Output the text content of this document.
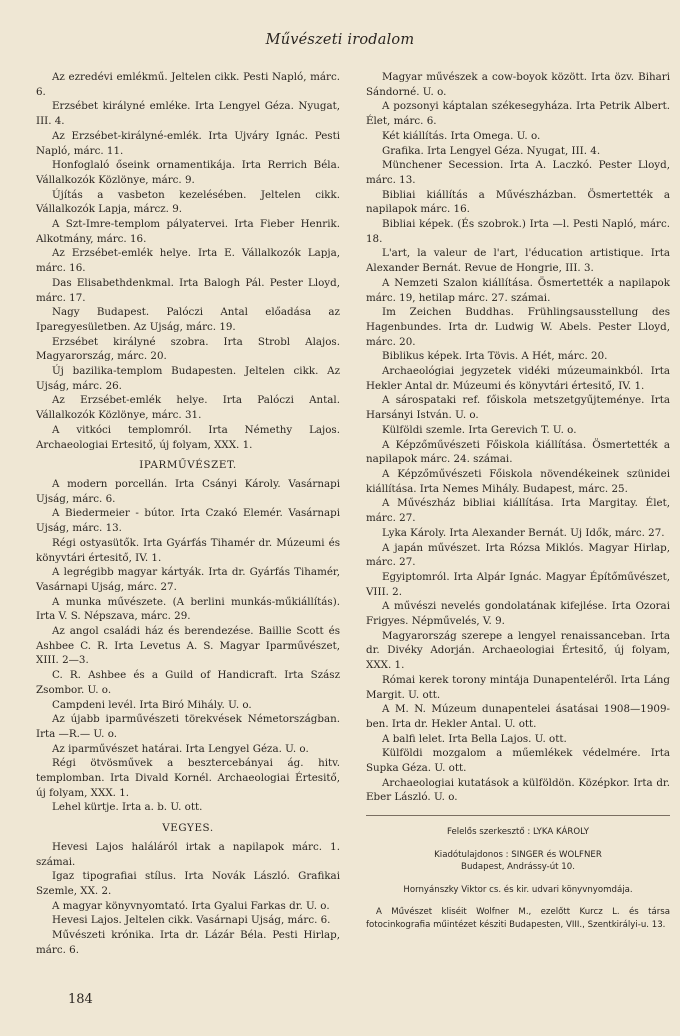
Művészeti irodalom

Az ezredévi emlékmű. Jeltelen cikk. Pesti Napló, márc. 6.

Erzsébet királyné emléke. Irta Lengyel Géza. Nyugat, III. 4.

Az Erzsébet-királyné-emlék. Irta Ujváry Ignác. Pesti Napló, márc. 11.

Honfoglaló őseink ornamentikája. Irta Rerrich Béla. Vállalkozók Közlönye, márc. 9.

Újítás a vasbeton kezelésében. Jeltelen cikk. Vállalkozók Lapja, márcz. 9.

A Szt-Imre-templom pályatervei. Irta Fieber Henrik. Alkotmány, márc. 16.

Az Erzsébet-emlék helye. Irta E. Vállalkozók Lapja, márc. 16.

Das Elisabethdenkmal. Irta Balogh Pál. Pester Lloyd, márc. 17.

Nagy Budapest. Palóczi Antal előadása az Iparegyesületben. Az Ujság, márc. 19.

Erzsébet királyné szobra. Irta Strobl Alajos. Magyarország, márc. 20.

Új bazilika-templom Budapesten. Jeltelen cikk. Az Ujság, márc. 26.

Az Erzsébet-emlék helye. Irta Palóczi Antal. Vállalkozók Közlönye, márc. 31.

A vitkóci templomról. Irta Némethy Lajos. Archaeologiai Ertesitő, új folyam, XXX. 1.

IPARMŰVÉSZET.

A modern porcellán. Irta Csányi Károly. Vasárnapi Ujság, márc. 6.

A Biedermeier - bútor. Irta Czakó Elemér. Vasárnapi Ujság, márc. 13.

Régi ostyasütők. Irta Gyárfás Tihamér dr. Múzeumi és könyvtári értesitő, IV. 1.

A legrégibb magyar kártyák. Irta dr. Gyárfás Tihamér, Vasárnapi Ujság, márc. 27.

A munka művészete. (A berlini munkás-műkiállítás). Irta V. S. Népszava, márc. 29.

Az angol családi ház és berendezése. Baillie Scott és Ashbee C. R. Irta Levetus A. S. Magyar Iparművészet, XIII. 2—3.

C. R. Ashbee és a Guild of Handicraft. Irta Szász Zsombor. U. o.

Campdeni levél. Irta Biró Mihály. U. o.

Az újabb iparművészeti törekvések Németországban. Irta —R.— U. o.

Az iparművészet határai. Irta Lengyel Géza. U. o.

Régi ötvösművek a besztercebányai ág. hitv. templomban. Irta Divald Kornél. Archaeologiai Értesitő, új folyam, XXX. 1.

Lehel kürtje. Irta a. b. U. ott.

VEGYES.

Hevesi Lajos haláláról irtak a napilapok márc. 1. számai.

Igaz tipografiai stílus. Irta Novák László. Grafikai Szemle, XX. 2.

A magyar könyvnyomtató. Irta Gyalui Farkas dr. U. o.

Hevesi Lajos. Jeltelen cikk. Vasárnapi Ujság, márc. 6.

Művészeti krónika. Irta dr. Lázár Béla. Pesti Hirlap, márc. 6.

Magyar művészek a cow-boyok között. Irta özv. Bihari Sándorné. U. o.

A pozsonyi káptalan székesegyháza. Irta Petrik Albert. Élet, márc. 6.

Két kiállítás. Irta Omega. U. o.

Grafika. Irta Lengyel Géza. Nyugat, III. 4.

Münchener Secession. Irta A. Laczkó. Pester Lloyd, márc. 13.

Bibliai kiállítás a Művészházban. Ösmertették a napilapok márc. 16.

Bibliai képek. (És szobrok.) Irta —l. Pesti Napló, márc. 18.

L'art, la valeur de l'art, l'éducation artistique. Irta Alexander Bernát. Revue de Hongrie, III. 3.

A Nemzeti Szalon kiállítása. Ösmertették a napilapok márc. 19, hetilap márc. 27. számai.

Im Zeichen Buddhas. Frühlingsausstellung des Hagenbundes. Irta dr. Ludwig W. Abels. Pester Lloyd, márc. 20.

Biblikus képek. Irta Tövis. A Hét, márc. 20.

Archaeológiai jegyzetek vidéki múzeumainkból. Irta Hekler Antal dr. Múzeumi és könyvtári értesitő, IV. 1.

A sárospataki ref. főiskola metszetgyűjteménye. Irta Harsányi István. U. o.

Külföldi szemle. Irta Gerevich T. U. o.

A Képzőművészeti Főiskola kiállítása. Ösmertették a napilapok márc. 24. számai.

A Képzőművészeti Főiskola növendékeinek szünidei kiállítása. Irta Nemes Mihály. Budapest, márc. 25.

A Művészház bibliai kiállítása. Irta Margitay. Élet, márc. 27.

Lyka Károly. Irta Alexander Bernát. Uj Idők, márc. 27.

A japán művészet. Irta Rózsa Miklós. Magyar Hirlap, márc. 27.

Egyiptomról. Irta Alpár Ignác. Magyar Építőművészet, VIII. 2.

A művészi nevelés gondolatának kifejlése. Irta Ozorai Frigyes. Népművelés, V. 9.

Magyarország szerepe a lengyel renaissanceban. Irta dr. Divéky Adorján. Archaeologiai Értesitő, új folyam, XXX. 1.

Római kerek torony mintája Dunapenteléről. Irta Láng Margit. U. ott.

A M. N. Múzeum dunapentelei ásatásai 1908—1909-ben. Irta dr. Hekler Antal. U. ott.

A balfi lelet. Irta Bella Lajos. U. ott.

Külföldi mozgalom a műemlékek védelmére. Irta Supka Géza. U. ott.

Archaeologiai kutatások a külföldön. Középkor. Irta dr. Eber László. U. o.

Felelős szerkesztő : LYKA KÁROLY

Kiadótulajdonos : SINGER és WOLFNER

Budapest, Andrássy-út 10.

Hornyánszky Viktor cs. és kir. udvari könyvnyomdája.

A Művészet kliséit Wolfner M., ezelőtt Kurcz L. és társa fotocinkografia műintézet késziti Budapesten, VIII., Szentkirályi-u. 13.

184
